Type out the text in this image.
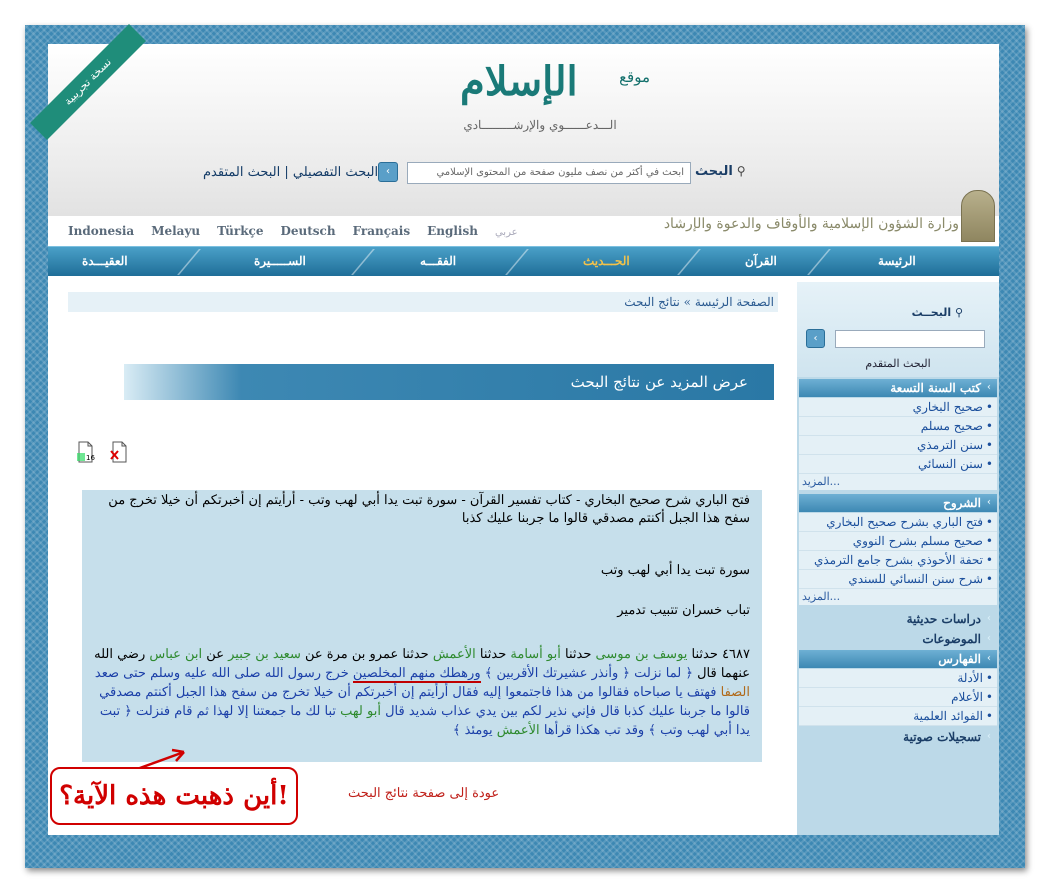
نسخة تجريبية	موقع
الإسلام
الـــدعــــــوي والإرشـــــــــادي
البحث التفصيلي | البحث المتقدم ‹	ابحث في أكثر من نصف مليون صفحة من المحتوى الإسلامي البحث ⚲
وزارة الشؤون الإسلامية والأوقاف والدعوة والإرشاد
Indonesia Melayu Türkçe Deutsch Français English عربي
الرئيسة
القرآن
الحـــديث
الفقـــه
الســـــيرة
العقيـــدة
الصفحة الرئيسة » نتائج البحث
عرض المزيد عن نتائج البحث
16
فتح الباري شرح صحيح البخاري - كتاب تفسير القرآن - سورة تبت يدا أبي لهب وتب - أرأيتم إن أخبرتكم أن خيلا تخرج من سفح هذا الجبل أكنتم مصدقي قالوا ما جربنا عليك كذبا
سورة تبت يدا أبي لهب وتب
تباب خسران تتبيب تدمير
٤٦٨٧ حدثنا يوسف بن موسى حدثنا أبو أسامة حدثنا الأعمش حدثنا عمرو بن مرة عن سعيد بن جبير عن ابن عباس رضي الله عنهما قال ﴿ لما نزلت ﴿ وأنذر عشيرتك الأقربين ﴾ ورهطك منهم المخلصين خرج رسول الله صلى الله عليه وسلم حتى صعد الصفا فهتف يا صباحاه فقالوا من هذا فاجتمعوا إليه فقال أرأيتم إن أخبرتكم أن خيلا تخرج من سفح هذا الجبل أكنتم مصدقي قالوا ما جربنا عليك كذبا قال فإني نذير لكم بين يدي عذاب شديد قال أبو لهب تبا لك ما جمعتنا إلا لهذا ثم قام فنزلت ﴿ تبت يدا أبي لهب وتب ﴾ وقد تب هكذا قرأها الأعمش يومئذ ﴾
عودة إلى صفحة نتائج البحث
أين ذهبت هذه الآية؟!
البحــث ⚲
‹
البحث المتقدم
كتب السنة التسعة ‹
صحيح البخاري •
صحيح مسلم •
سنن الترمذي •
سنن النسائي •
المزيد...
الشروح ‹
فتح الباري بشرح صحيح البخاري •
صحيح مسلم بشرح النووي •
تحفة الأحوذي بشرح جامع الترمذي •
شرح سنن النسائي للسندي •
المزيد...
دراسات حديثية ‹
الموضوعات ‹
الفهارس ‹
الأدلة •
الأعلام •
الفوائد العلمية •
تسجيلات صوتية ‹
